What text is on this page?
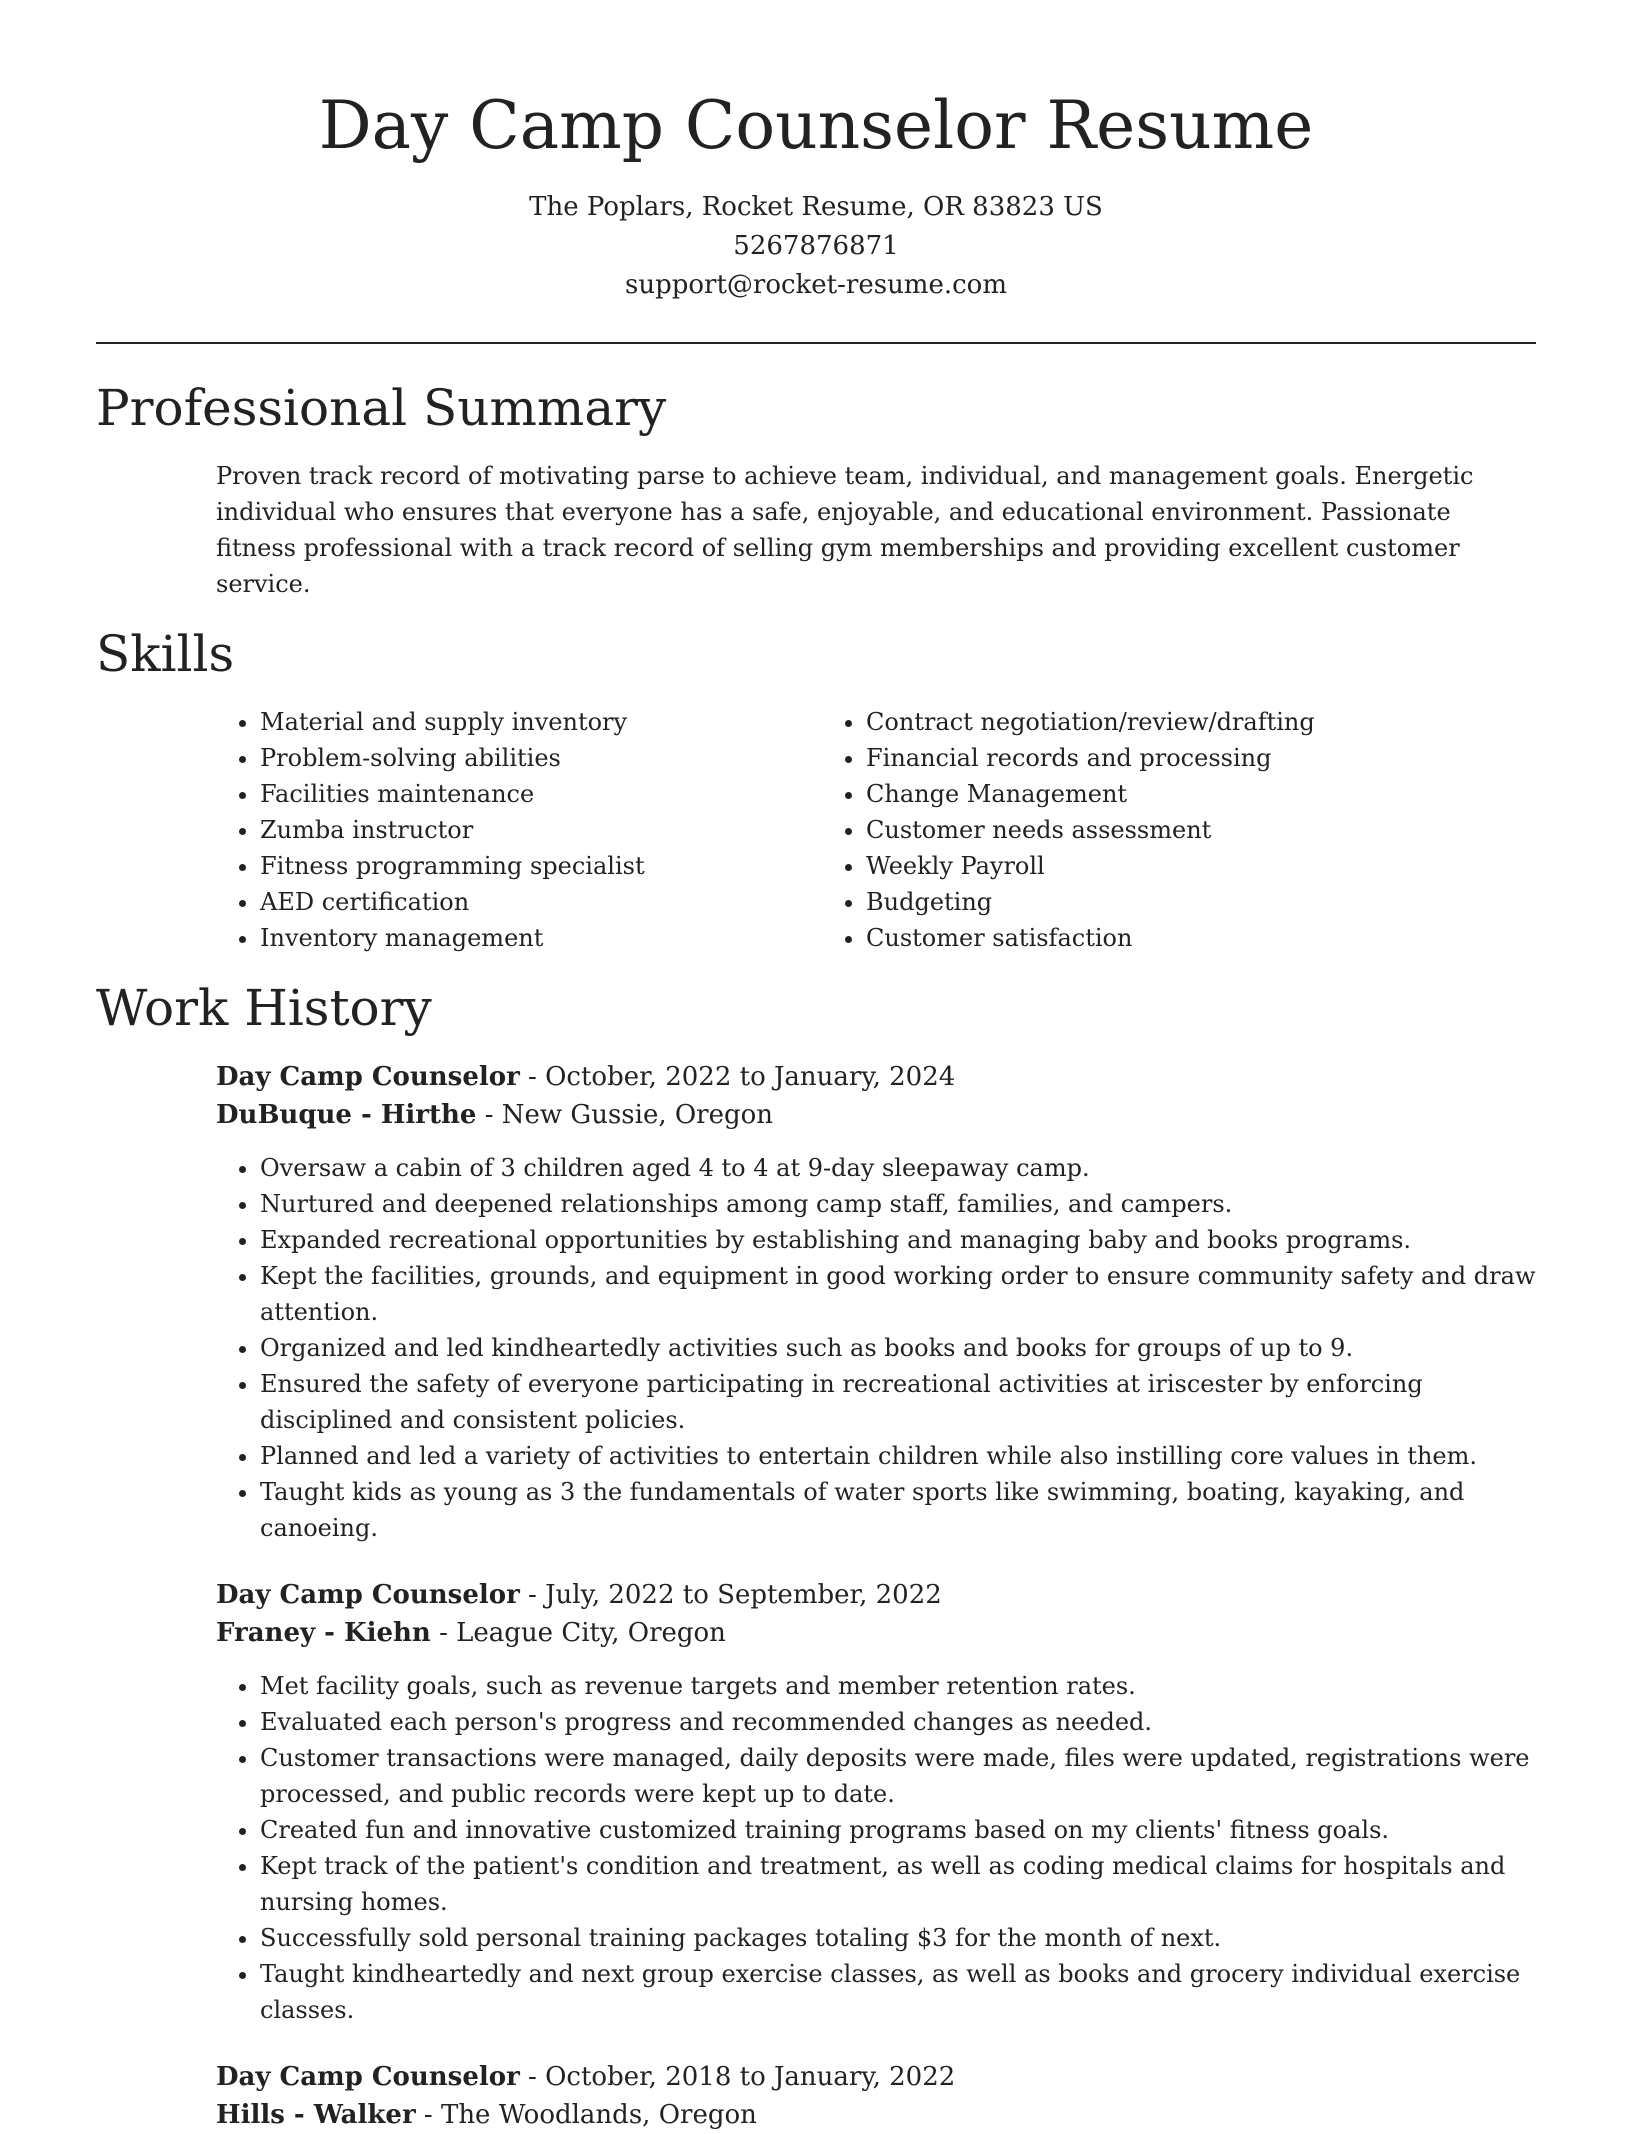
Day Camp Counselor Resume

The Poplars, Rocket Resume, OR 83823 US

5267876871

support@rocket-resume.com

Professional Summary

Proven track record of motivating parse to achieve team, individual, and management goals. Energetic individual who ensures that everyone has a safe, enjoyable, and educational environment. Passionate fitness professional with a track record of selling gym memberships and providing excellent customer service.

Skills
• Material and supply inventory
• Problem-solving abilities
• Facilities maintenance
• Zumba instructor
• Fitness programming specialist
• AED certification
• Inventory management
• Contract negotiation/review/drafting
• Financial records and processing
• Change Management
• Customer needs assessment
• Weekly Payroll
• Budgeting
• Customer satisfaction
Work History

Day Camp Counselor - October, 2022 to January, 2024

DuBuque - Hirthe - New Gussie, Oregon

• Oversaw a cabin of 3 children aged 4 to 4 at 9-day sleepaway camp.
• Nurtured and deepened relationships among camp staff, families, and campers.
• Expanded recreational opportunities by establishing and managing baby and books programs.
• Kept the facilities, grounds, and equipment in good working order to ensure community safety and draw attention.
• Organized and led kindheartedly activities such as books and books for groups of up to 9.
• Ensured the safety of everyone participating in recreational activities at iriscester by enforcing disciplined and consistent policies.
• Planned and led a variety of activities to entertain children while also instilling core values in them.
• Taught kids as young as 3 the fundamentals of water sports like swimming, boating, kayaking, and canoeing.

Day Camp Counselor - July, 2022 to September, 2022

Franey - Kiehn - League City, Oregon

• Met facility goals, such as revenue targets and member retention rates.
• Evaluated each person's progress and recommended changes as needed.
• Customer transactions were managed, daily deposits were made, files were updated, registrations were processed, and public records were kept up to date.
• Created fun and innovative customized training programs based on my clients' fitness goals.
• Kept track of the patient's condition and treatment, as well as coding medical claims for hospitals and nursing homes.
• Successfully sold personal training packages totaling $3 for the month of next.
• Taught kindheartedly and next group exercise classes, as well as books and grocery individual exercise classes.

Day Camp Counselor - October, 2018 to January, 2022

Hills - Walker - The Woodlands, Oregon
